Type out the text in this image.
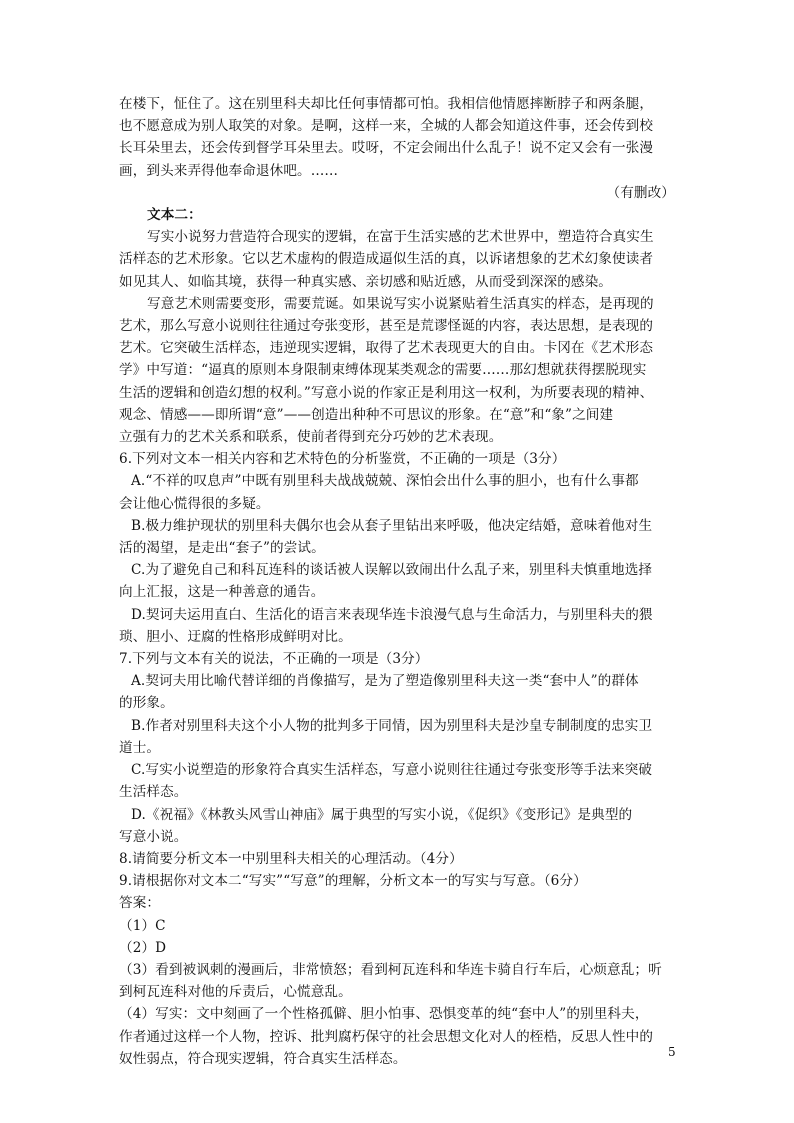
在楼下，怔住了。这在别里科夫却比任何事情都可怕。我相信他情愿摔断脖子和两条腿，
也不愿意成为别人取笑的对象。是啊，这样一来，全城的人都会知道这件事，还会传到校
长耳朵里去，还会传到督学耳朵里去。哎呀，不定会闹出什么乱子！说不定又会有一张漫
画，到头来弄得他奉命退休吧。……
（有删改）
文本二：
写实小说努力营造符合现实的逻辑，在富于生活实感的艺术世界中，塑造符合真实生
活样态的艺术形象。它以艺术虚构的假造成逼似生活的真，以诉诸想象的艺术幻象使读者
如见其人、如临其境，获得一种真实感、亲切感和贴近感，从而受到深深的感染。
写意艺术则需要变形，需要荒诞。如果说写实小说紧贴着生活真实的样态，是再现的
艺术，那么写意小说则往往通过夸张变形，甚至是荒谬怪诞的内容，表达思想，是表现的
艺术。它突破生活样态，违逆现实逻辑，取得了艺术表现更大的自由。卡冈在《艺术形态
学》中写道：“逼真的原则本身限制束缚体现某类观念的需要……那幻想就获得摆脱现实
生活的逻辑和创造幻想的权利。”写意小说的作家正是利用这一权利，为所要表现的精神、
观念、情感——即所谓“意”——创造出种种不可思议的形象。在“意”和“象”之间建
立强有力的艺术关系和联系，使前者得到充分巧妙的艺术表现。
6.下列对文本一相关内容和艺术特色的分析鉴赏，不正确的一项是（3分）
A.“不祥的叹息声”中既有别里科夫战战兢兢、深怕会出什么事的胆小，也有什么事都
会让他心慌得很的多疑。
B.极力维护现状的别里科夫偶尔也会从套子里钻出来呼吸，他决定结婚，意味着他对生
活的渴望，是走出“套子”的尝试。
C.为了避免自己和科瓦连科的谈话被人误解以致闹出什么乱子来，别里科夫慎重地选择
向上汇报，这是一种善意的通告。
D.契诃夫运用直白、生活化的语言来表现华连卡浪漫气息与生命活力，与别里科夫的猥
琐、胆小、迂腐的性格形成鲜明对比。
7.下列与文本有关的说法，不正确的一项是（3分）
A.契诃夫用比喻代替详细的肖像描写，是为了塑造像别里科夫这一类“套中人”的群体
的形象。
B.作者对别里科夫这个小人物的批判多于同情，因为别里科夫是沙皇专制制度的忠实卫
道士。
C.写实小说塑造的形象符合真实生活样态，写意小说则往往通过夸张变形等手法来突破
生活样态。
D.《祝福》《林教头风雪山神庙》属于典型的写实小说，《促织》《变形记》是典型的
写意小说。
8.请简要分析文本一中别里科夫相关的心理活动。（4分）
9.请根据你对文本二“写实”“写意”的理解，分析文本一的写实与写意。（6分）
答案：
（1）C
（2）D
（3）看到被讽刺的漫画后，非常愤怒；看到柯瓦连科和华连卡骑自行车后，心烦意乱；听
到柯瓦连科对他的斥责后，心慌意乱。
（4）写实：文中刻画了一个性格孤僻、胆小怕事、恐惧变革的纯“套中人”的别里科夫，
作者通过这样一个人物，控诉、批判腐朽保守的社会思想文化对人的桎梏，反思人性中的
奴性弱点，符合现实逻辑，符合真实生活样态。	5
